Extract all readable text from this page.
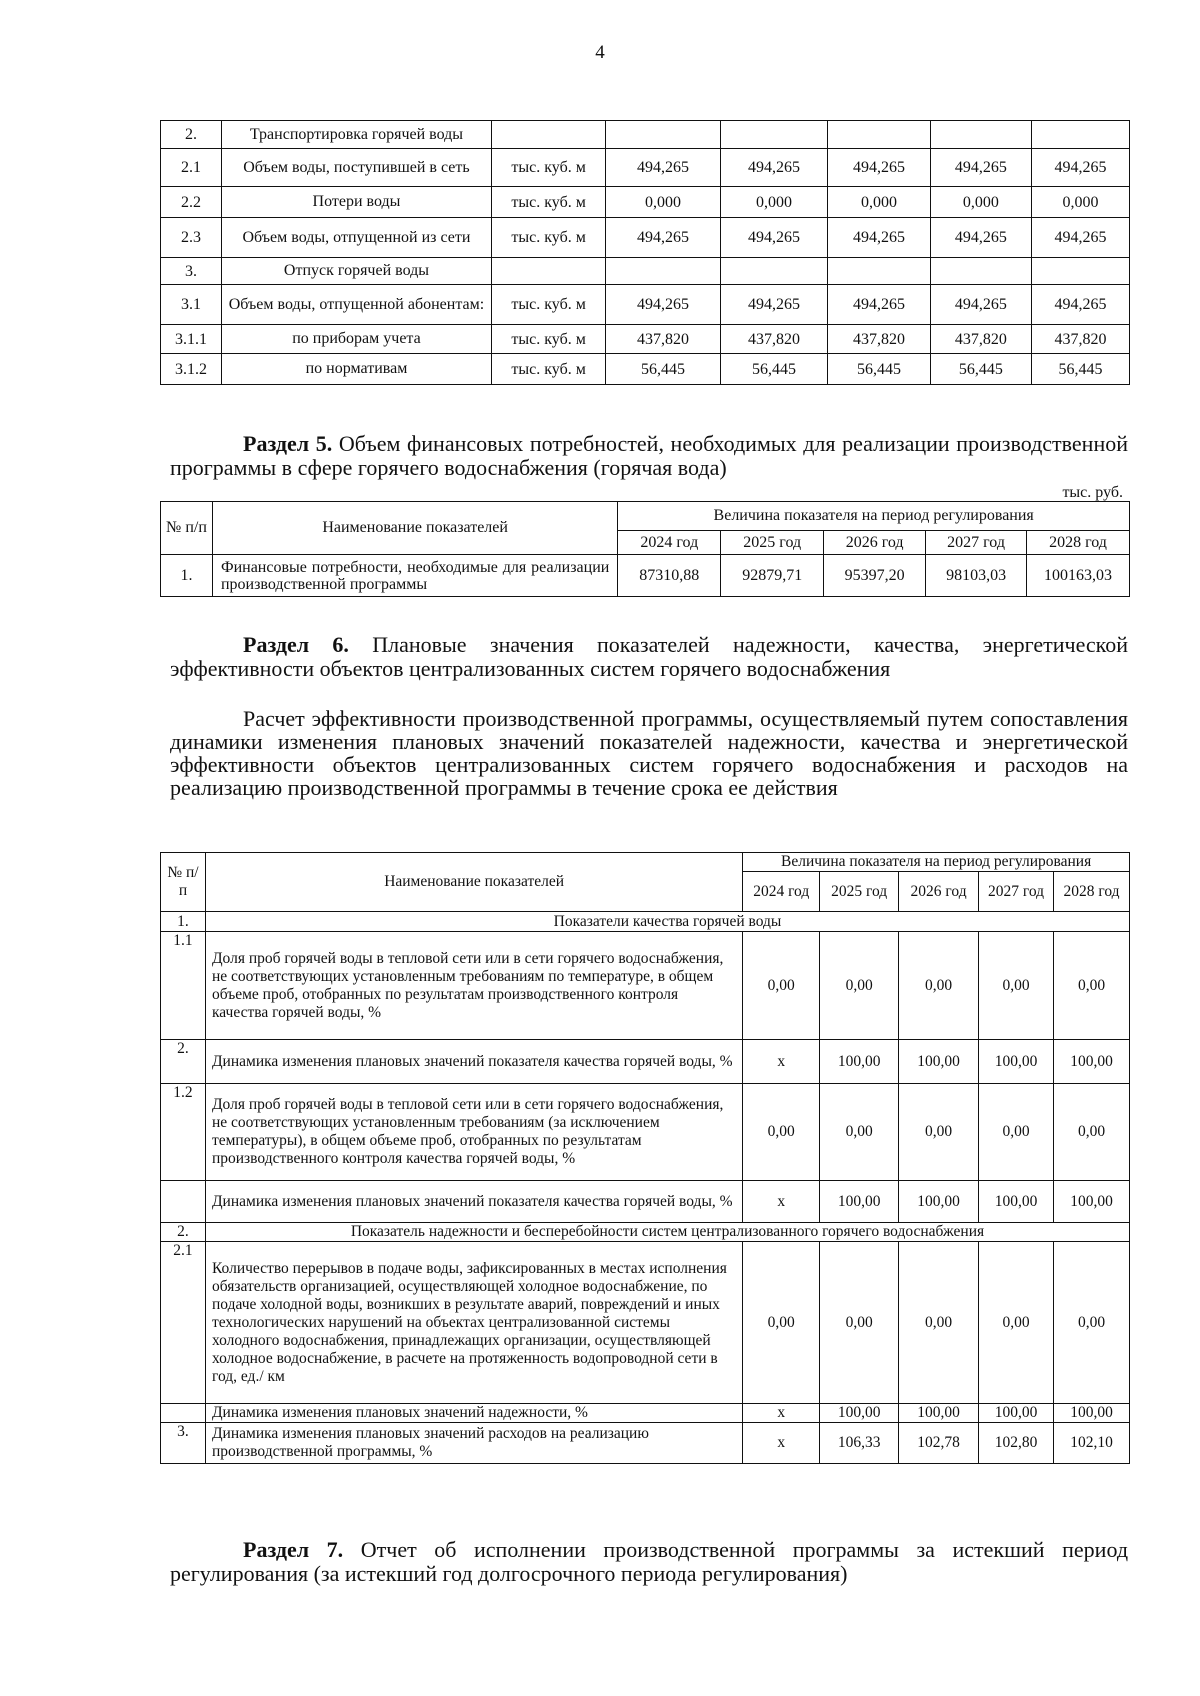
4
2.	Транспортировка горячей воды						
2.1	Объем воды, поступившей в сеть	тыс. куб. м	494,265	494,265	494,265	494,265	494,265
2.2	Потери воды	тыс. куб. м	0,000	0,000	0,000	0,000	0,000
2.3	Объем воды, отпущенной из сети	тыс. куб. м	494,265	494,265	494,265	494,265	494,265
3.	Отпуск горячей воды						
3.1	Объем воды, отпущенной абонентам:	тыс. куб. м	494,265	494,265	494,265	494,265	494,265
3.1.1	по приборам учета	тыс. куб. м	437,820	437,820	437,820	437,820	437,820
3.1.2	по нормативам	тыс. куб. м	56,445	56,445	56,445	56,445	56,445
Раздел 5. Объем финансовых потребностей, необходимых для реализации производственной программы в сфере горячего водоснабжения (горячая вода)
тыс. руб.
№ п/п	Наименование показателей	Величина показателя на период регулирования				
		2024 год	2025 год	2026 год	2027 год	2028 год
1.	Финансовые потребности, необходимые для реализации производственной программы	87310,88	92879,71	95397,20	98103,03	100163,03
Раздел 6. Плановые значения показателей надежности, качества, энергетической эффективности объектов централизованных систем горячего водоснабжения
Расчет эффективности производственной программы, осуществляемый путем сопоставления динамики изменения плановых значений показателей надежности, качества и энергетической эффективности объектов централизованных систем горячего водоснабжения и расходов на реализацию производственной программы в течение срока ее действия
№ п/п	Наименование показателей	Величина показателя на период регулирования				
		2024 год	2025 год	2026 год	2027 год	2028 год
1.	Показатели качества горячей воды					
1.1	Доля проб горячей воды в тепловой сети или в сети горячего водоснабжения, не соответствующих установленным требованиям по температуре, в общем объеме проб, отобранных по результатам производственного контроля качества горячей воды, %	0,00	0,00	0,00	0,00	0,00
2.	Динамика изменения плановых значений показателя качества горячей воды, %	x	100,00	100,00	100,00	100,00
1.2	Доля проб горячей воды в тепловой сети или в сети горячего водоснабжения, не соответствующих установленным требованиям (за исключением температуры), в общем объеме проб, отобранных по результатам производственного контроля качества горячей воды, %	0,00	0,00	0,00	0,00	0,00
	Динамика изменения плановых значений показателя качества горячей воды, %	x	100,00	100,00	100,00	100,00
2.	Показатель надежности и бесперебойности систем централизованного горячего водоснабжения					
2.1	Количество перерывов в подаче воды, зафиксированных в местах исполнения обязательств организацией, осуществляющей холодное водоснабжение, по подаче холодной воды, возникших в результате аварий, повреждений и иных технологических нарушений на объектах централизованной системы холодного водоснабжения, принадлежащих организации, осуществляющей холодное водоснабжение, в расчете на протяженность водопроводной сети в год, ед./ км	0,00	0,00	0,00	0,00	0,00
	Динамика изменения плановых значений надежности, %	x	100,00	100,00	100,00	100,00
3.	Динамика изменения плановых значений расходов на реализацию производственной программы, %	x	106,33	102,78	102,80	102,10
Раздел 7. Отчет об исполнении производственной программы за истекший период регулирования (за истекший год долгосрочного периода регулирования)
